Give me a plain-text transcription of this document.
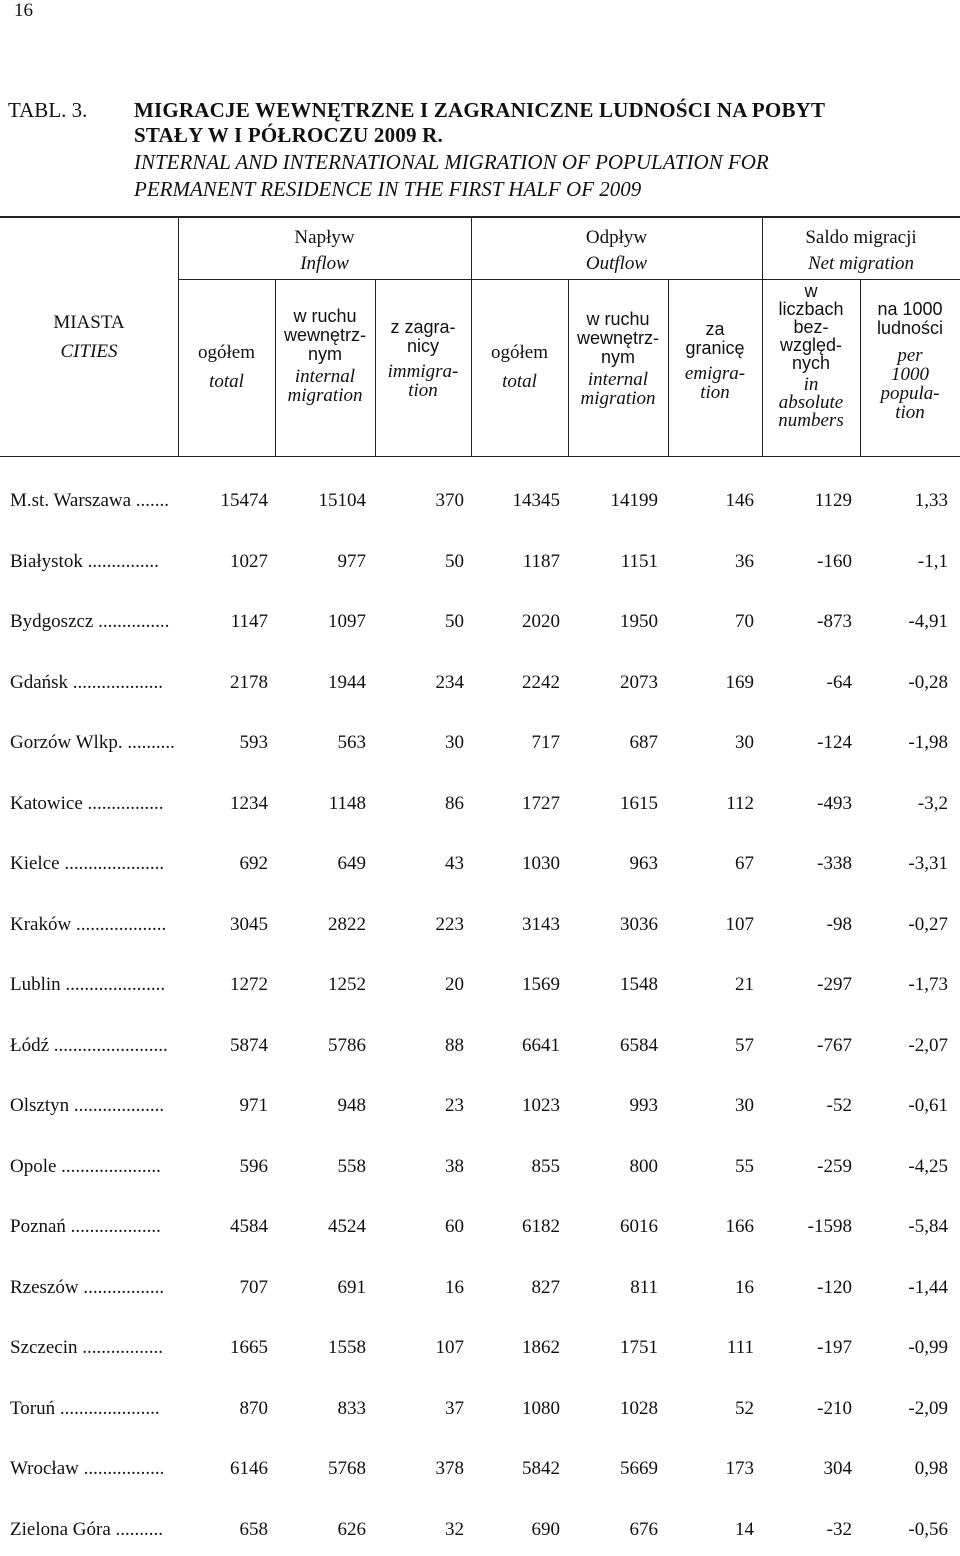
16
TABL. 3. MIGRACJE WEWNĘTRZNE I ZAGRANICZNE LUDNOŚCI NA POBYT
STAŁY W I PÓŁROCZU 2009 R.
INTERNAL AND INTERNATIONAL MIGRATION OF POPULATION FOR
PERMANENT RESIDENCE IN THE FIRST HALF OF 2009
Napływ
Inflow
Odpływ
Outflow
Saldo migracji
Net migration
MIASTA
CITIES	ogółem
total
w ruchu
wewnętrz-
nym
internal
migration
z zagra-
nicy
immigra-
tion
ogółem
total
w ruchu
wewnętrz-
nym
internal
migration
za
granicę
emigra-
tion
w
liczbach
bez-
względ-
nych
in
absolute
numbers
na 1000
ludności
per
1000
popula-
tion
M.st. Warszawa .......	15474	15104	370	14345	14199	146	1129	1,33
Białystok ...............	1027	977	50	1187	1151	36	-160	-1,1
Bydgoszcz ...............	1147	1097	50	2020	1950	70	-873	-4,91
Gdańsk ...................	2178	1944	234	2242	2073	169	-64	-0,28
Gorzów Wlkp. ..........	593	563	30	717	687	30	-124	-1,98
Katowice ................	1234	1148	86	1727	1615	112	-493	-3,2
Kielce .....................	692	649	43	1030	963	67	-338	-3,31
Kraków ...................	3045	2822	223	3143	3036	107	-98	-0,27
Lublin .....................	1272	1252	20	1569	1548	21	-297	-1,73
Łódź ........................	5874	5786	88	6641	6584	57	-767	-2,07
Olsztyn ...................	971	948	23	1023	993	30	-52	-0,61
Opole .....................	596	558	38	855	800	55	-259	-4,25
Poznań ...................	4584	4524	60	6182	6016	166	-1598	-5,84
Rzeszów .................	707	691	16	827	811	16	-120	-1,44
Szczecin .................	1665	1558	107	1862	1751	111	-197	-0,99
Toruń .....................	870	833	37	1080	1028	52	-210	-2,09
Wrocław .................	6146	5768	378	5842	5669	173	304	0,98
Zielona Góra ..........	658	626	32	690	676	14	-32	-0,56
